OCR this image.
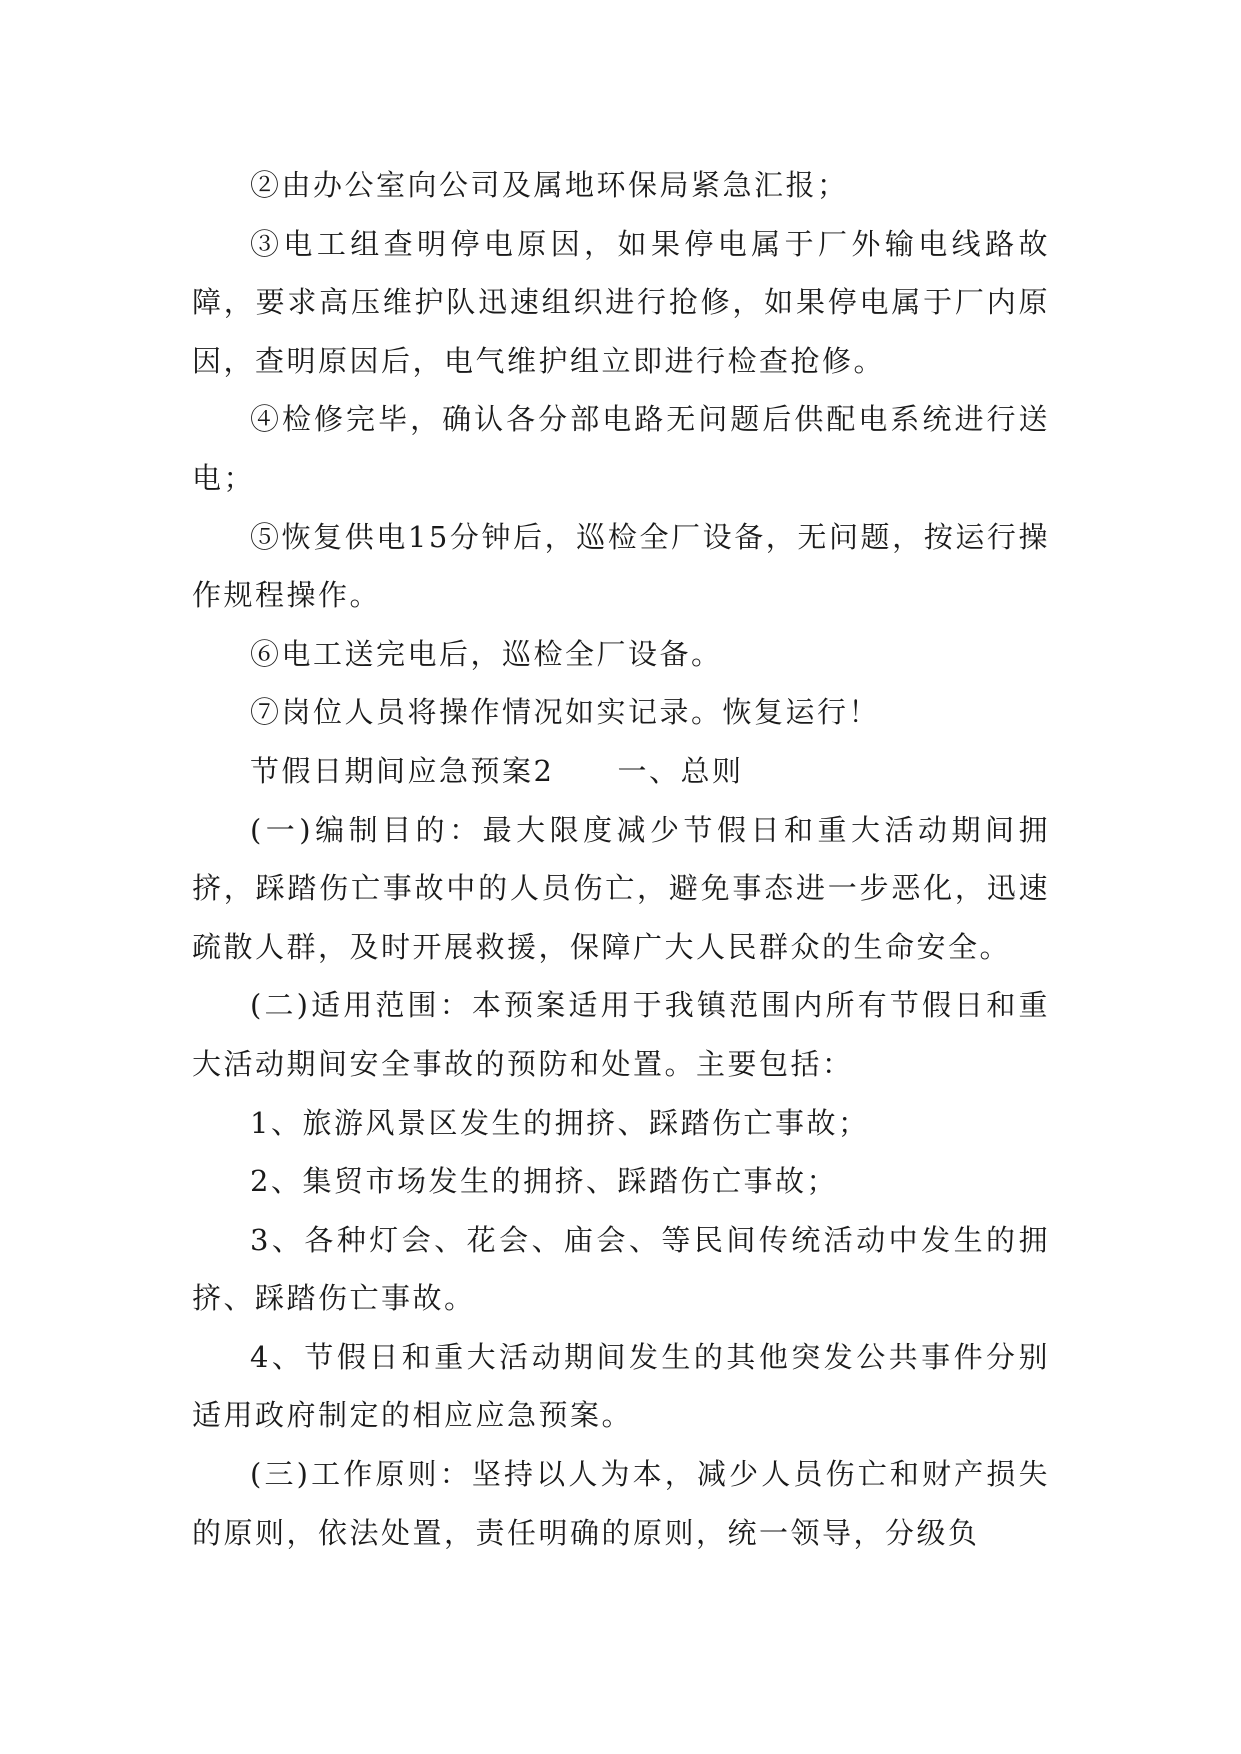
②由办公室向公司及属地环保局紧急汇报；

③电工组查明停电原因，如果停电属于厂外输电线路故障，要求高压维护队迅速组织进行抢修，如果停电属于厂内原因，查明原因后，电气维护组立即进行检查抢修。

④检修完毕，确认各分部电路无问题后供配电系统进行送电；

⑤恢复供电15分钟后，巡检全厂设备，无问题，按运行操作规程操作。

⑥电工送完电后，巡检全厂设备。

⑦岗位人员将操作情况如实记录。恢复运行！

节假日期间应急预案2　　一、总则

(一)编制目的：最大限度减少节假日和重大活动期间拥挤，踩踏伤亡事故中的人员伤亡，避免事态进一步恶化，迅速疏散人群，及时开展救援，保障广大人民群众的生命安全。

(二)适用范围：本预案适用于我镇范围内所有节假日和重大活动期间安全事故的预防和处置。主要包括：

1、旅游风景区发生的拥挤、踩踏伤亡事故；

2、集贸市场发生的拥挤、踩踏伤亡事故；

3、各种灯会、花会、庙会、等民间传统活动中发生的拥挤、踩踏伤亡事故。

4、节假日和重大活动期间发生的其他突发公共事件分别适用政府制定的相应应急预案。

(三)工作原则：坚持以人为本，减少人员伤亡和财产损失的原则，依法处置，责任明确的原则，统一领导，分级负
